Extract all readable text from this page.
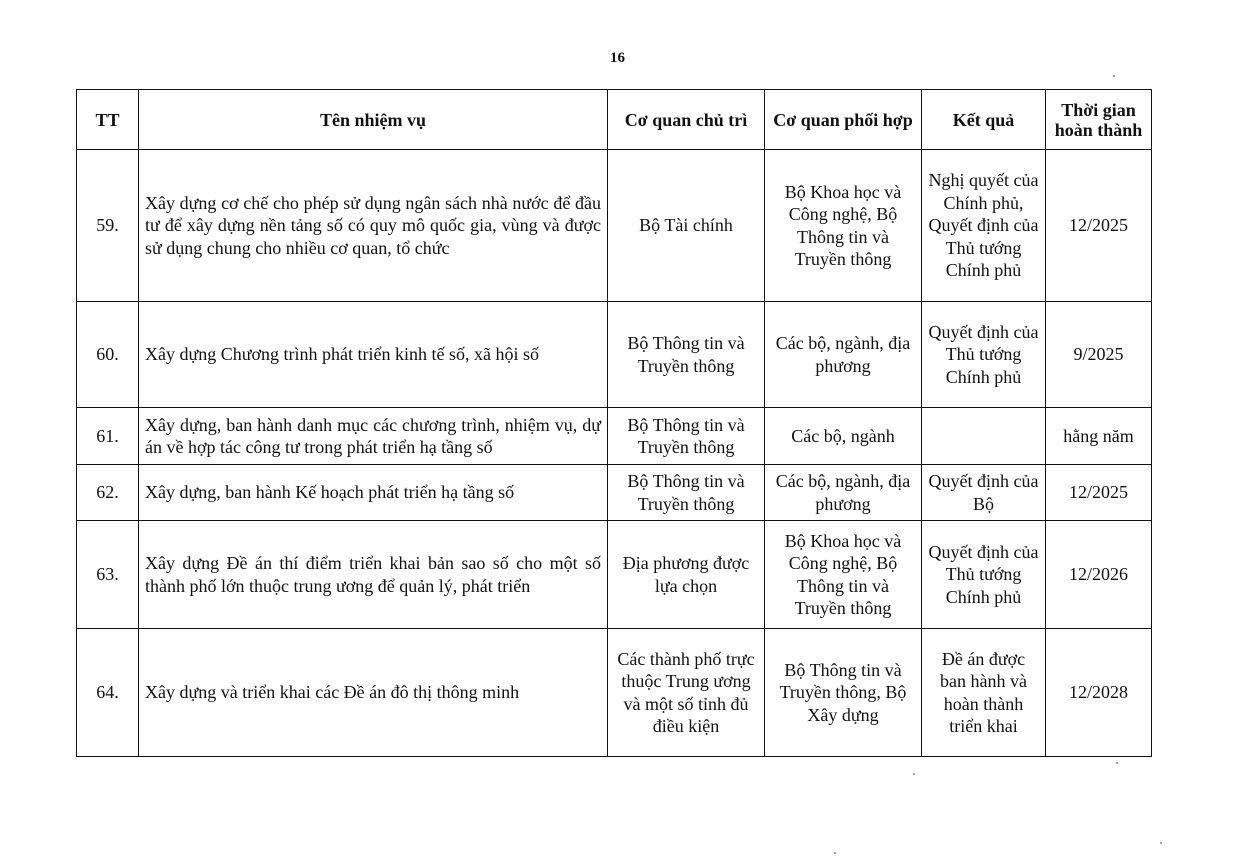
16
TT	Tên nhiệm vụ	Cơ quan chủ trì	Cơ quan phối hợp	Kết quả	Thời gian hoàn thành
59.	Xây dựng cơ chế cho phép sử dụng ngân sách nhà nước để đầu tư để xây dựng nền tảng số có quy mô quốc gia, vùng và được sử dụng chung cho nhiều cơ quan, tổ chức	Bộ Tài chính	Bộ Khoa học và Công nghệ, Bộ Thông tin và Truyền thông	Nghị quyết của Chính phủ, Quyết định của Thủ tướng Chính phủ	12/2025
60.	Xây dựng Chương trình phát triển kinh tế số, xã hội số	Bộ Thông tin và Truyền thông	Các bộ, ngành, địa phương	Quyết định của Thủ tướng Chính phủ	9/2025
61.	Xây dựng, ban hành danh mục các chương trình, nhiệm vụ, dự án về hợp tác công tư trong phát triển hạ tầng số	Bộ Thông tin và Truyền thông	Các bộ, ngành		hằng năm
62.	Xây dựng, ban hành Kế hoạch phát triển hạ tầng số	Bộ Thông tin và Truyền thông	Các bộ, ngành, địa phương	Quyết định của Bộ	12/2025
63.	Xây dựng Đề án thí điểm triển khai bản sao số cho một số thành phố lớn thuộc trung ương để quản lý, phát triển	Địa phương được lựa chọn	Bộ Khoa học và Công nghệ, Bộ Thông tin và Truyền thông	Quyết định của Thủ tướng Chính phủ	12/2026
64.	Xây dựng và triển khai các Đề án đô thị thông minh	Các thành phố trực thuộc Trung ương và một số tỉnh đủ điều kiện	Bộ Thông tin và Truyền thông, Bộ Xây dựng	Đề án được ban hành và hoàn thành triển khai	12/2028
